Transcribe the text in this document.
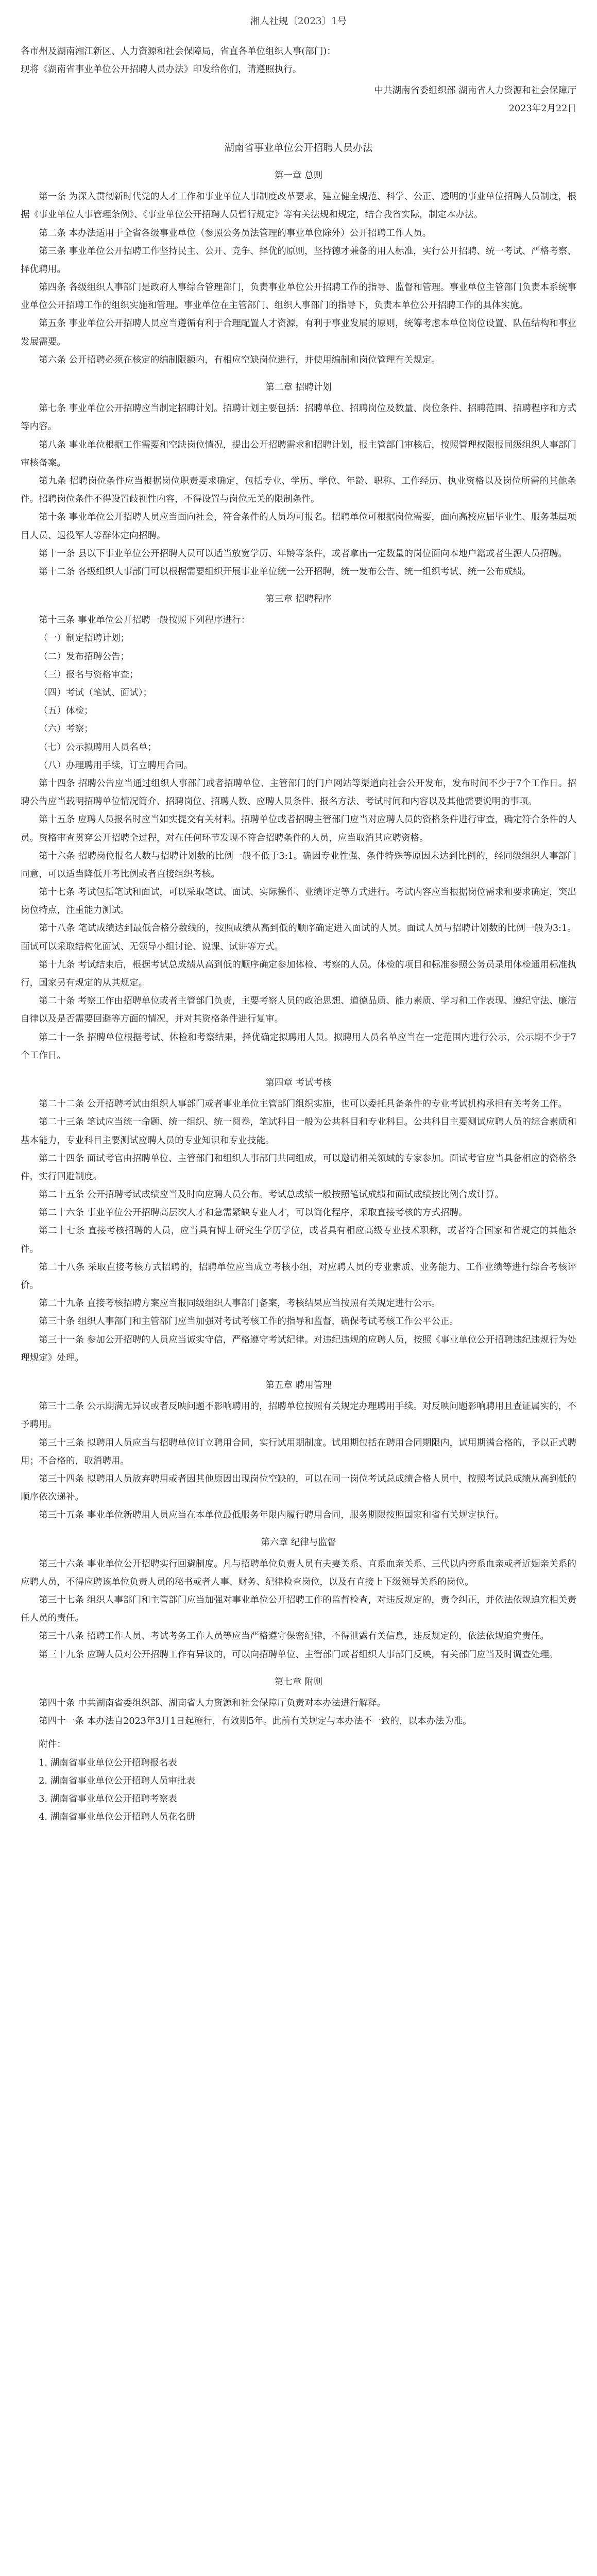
湘人社规〔2023〕1号

各市州及湖南湘江新区、人力资源和社会保障局，省直各单位组织人事(部门)：

现将《湖南省事业单位公开招聘人员办法》印发给你们，请遵照执行。

中共湖南省委组织部 湖南省人力资源和社会保障厅
2023年2月22日
湖南省事业单位公开招聘人员办法
第一章 总则

第一条 为深入贯彻新时代党的人才工作和事业单位人事制度改革要求，建立健全规范、科学、公正、透明的事业单位招聘人员制度，根据《事业单位人事管理条例》、《事业单位公开招聘人员暂行规定》等有关法规和规定，结合我省实际，制定本办法。

第二条 本办法适用于全省各级事业单位（参照公务员法管理的事业单位除外）公开招聘工作人员。

第三条 事业单位公开招聘工作坚持民主、公开、竞争、择优的原则，坚持德才兼备的用人标准，实行公开招聘、统一考试、严格考察、择优聘用。

第四条 各级组织人事部门是政府人事综合管理部门，负责事业单位公开招聘工作的指导、监督和管理。事业单位主管部门负责本系统事业单位公开招聘工作的组织实施和管理。事业单位在主管部门、组织人事部门的指导下，负责本单位公开招聘工作的具体实施。

第五条 事业单位公开招聘人员应当遵循有利于合理配置人才资源，有利于事业发展的原则，统筹考虑本单位岗位设置、队伍结构和事业发展需要。

第六条 公开招聘必须在核定的编制限额内，有相应空缺岗位进行，并使用编制和岗位管理有关规定。

第二章 招聘计划

第七条 事业单位公开招聘应当制定招聘计划。招聘计划主要包括：招聘单位、招聘岗位及数量、岗位条件、招聘范围、招聘程序和方式等内容。

第八条 事业单位根据工作需要和空缺岗位情况，提出公开招聘需求和招聘计划，报主管部门审核后，按照管理权限报同级组织人事部门审核备案。

第九条 招聘岗位条件应当根据岗位职责要求确定，包括专业、学历、学位、年龄、职称、工作经历、执业资格以及岗位所需的其他条件。招聘岗位条件不得设置歧视性内容，不得设置与岗位无关的限制条件。

第十条 事业单位公开招聘人员应当面向社会，符合条件的人员均可报名。招聘单位可根据岗位需要，面向高校应届毕业生、服务基层项目人员、退役军人等群体定向招聘。

第十一条 县以下事业单位公开招聘人员可以适当放宽学历、年龄等条件，或者拿出一定数量的岗位面向本地户籍或者生源人员招聘。

第十二条 各级组织人事部门可以根据需要组织开展事业单位统一公开招聘，统一发布公告、统一组织考试、统一公布成绩。

第三章 招聘程序

第十三条 事业单位公开招聘一般按照下列程序进行：

（一）制定招聘计划；

（二）发布招聘公告；

（三）报名与资格审查；

（四）考试（笔试、面试）；

（五）体检；

（六）考察；

（七）公示拟聘用人员名单；

（八）办理聘用手续，订立聘用合同。

第十四条 招聘公告应当通过组织人事部门或者招聘单位、主管部门的门户网站等渠道向社会公开发布，发布时间不少于7个工作日。招聘公告应当载明招聘单位情况简介、招聘岗位、招聘人数、应聘人员条件、报名方法、考试时间和内容以及其他需要说明的事项。

第十五条 应聘人员报名时应当如实提交有关材料。招聘单位或者招聘主管部门应当对应聘人员的资格条件进行审查，确定符合条件的人员。资格审查贯穿公开招聘全过程，对在任何环节发现不符合招聘条件的人员，应当取消其应聘资格。

第十六条 招聘岗位报名人数与招聘计划数的比例一般不低于3:1。确因专业性强、条件特殊等原因未达到比例的，经同级组织人事部门同意，可以适当降低开考比例或者直接组织考核。

第十七条 考试包括笔试和面试，可以采取笔试、面试、实际操作、业绩评定等方式进行。考试内容应当根据岗位需求和要求确定，突出岗位特点，注重能力测试。

第十八条 笔试成绩达到最低合格分数线的，按照成绩从高到低的顺序确定进入面试的人员。面试人员与招聘计划数的比例一般为3:1。面试可以采取结构化面试、无领导小组讨论、说课、试讲等方式。

第十九条 考试结束后，根据考试总成绩从高到低的顺序确定参加体检、考察的人员。体检的项目和标准参照公务员录用体检通用标准执行，国家另有规定的从其规定。

第二十条 考察工作由招聘单位或者主管部门负责，主要考察人员的政治思想、道德品质、能力素质、学习和工作表现、遵纪守法、廉洁自律以及是否需要回避等方面的情况，并对其资格条件进行复审。

第二十一条 招聘单位根据考试、体检和考察结果，择优确定拟聘用人员。拟聘用人员名单应当在一定范围内进行公示，公示期不少于7个工作日。

第四章 考试考核

第二十二条 公开招聘考试由组织人事部门或者事业单位主管部门组织实施，也可以委托具备条件的专业考试机构承担有关考务工作。

第二十三条 笔试应当统一命题、统一组织、统一阅卷，笔试科目一般为公共科目和专业科目。公共科目主要测试应聘人员的综合素质和基本能力，专业科目主要测试应聘人员的专业知识和专业技能。

第二十四条 面试考官由招聘单位、主管部门和组织人事部门共同组成，可以邀请相关领域的专家参加。面试考官应当具备相应的资格条件，实行回避制度。

第二十五条 公开招聘考试成绩应当及时向应聘人员公布。考试总成绩一般按照笔试成绩和面试成绩按比例合成计算。

第二十六条 事业单位公开招聘高层次人才和急需紧缺专业人才，可以简化程序，采取直接考核的方式招聘。

第二十七条 直接考核招聘的人员，应当具有博士研究生学历学位，或者具有相应高级专业技术职称，或者符合国家和省规定的其他条件。

第二十八条 采取直接考核方式招聘的，招聘单位应当成立考核小组，对应聘人员的专业素质、业务能力、工作业绩等进行综合考核评价。

第二十九条 直接考核招聘方案应当报同级组织人事部门备案，考核结果应当按照有关规定进行公示。

第三十条 组织人事部门和主管部门应当加强对考试考核工作的指导和监督，确保考试考核工作公平公正。

第三十一条 参加公开招聘的人员应当诚实守信，严格遵守考试纪律。对违纪违规的应聘人员，按照《事业单位公开招聘违纪违规行为处理规定》处理。

第五章 聘用管理

第三十二条 公示期满无异议或者反映问题不影响聘用的，招聘单位按照有关规定办理聘用手续。对反映问题影响聘用且查证属实的，不予聘用。

第三十三条 拟聘用人员应当与招聘单位订立聘用合同，实行试用期制度。试用期包括在聘用合同期限内，试用期满合格的，予以正式聘用；不合格的，取消聘用。

第三十四条 拟聘用人员放弃聘用或者因其他原因出现岗位空缺的，可以在同一岗位考试总成绩合格人员中，按照考试总成绩从高到低的顺序依次递补。

第三十五条 事业单位新聘用人员应当在本单位最低服务年限内履行聘用合同，服务期限按照国家和省有关规定执行。

第六章 纪律与监督

第三十六条 事业单位公开招聘实行回避制度。凡与招聘单位负责人员有夫妻关系、直系血亲关系、三代以内旁系血亲或者近姻亲关系的应聘人员，不得应聘该单位负责人员的秘书或者人事、财务、纪律检查岗位，以及有直接上下级领导关系的岗位。

第三十七条 组织人事部门和主管部门应当加强对事业单位公开招聘工作的监督检查，对违反规定的，责令纠正，并依法依规追究相关责任人员的责任。

第三十八条 招聘工作人员、考试考务工作人员等应当严格遵守保密纪律，不得泄露有关信息，违反规定的，依法依规追究责任。

第三十九条 应聘人员对公开招聘工作有异议的，可以向招聘单位、主管部门或者组织人事部门反映，有关部门应当及时调查处理。

第七章 附则

第四十条 中共湖南省委组织部、湖南省人力资源和社会保障厅负责对本办法进行解释。

第四十一条 本办法自2023年3月1日起施行，有效期5年。此前有关规定与本办法不一致的，以本办法为准。

附件：

1. 湖南省事业单位公开招聘报名表

2. 湖南省事业单位公开招聘人员审批表

3. 湖南省事业单位公开招聘考察表

4. 湖南省事业单位公开招聘人员花名册
